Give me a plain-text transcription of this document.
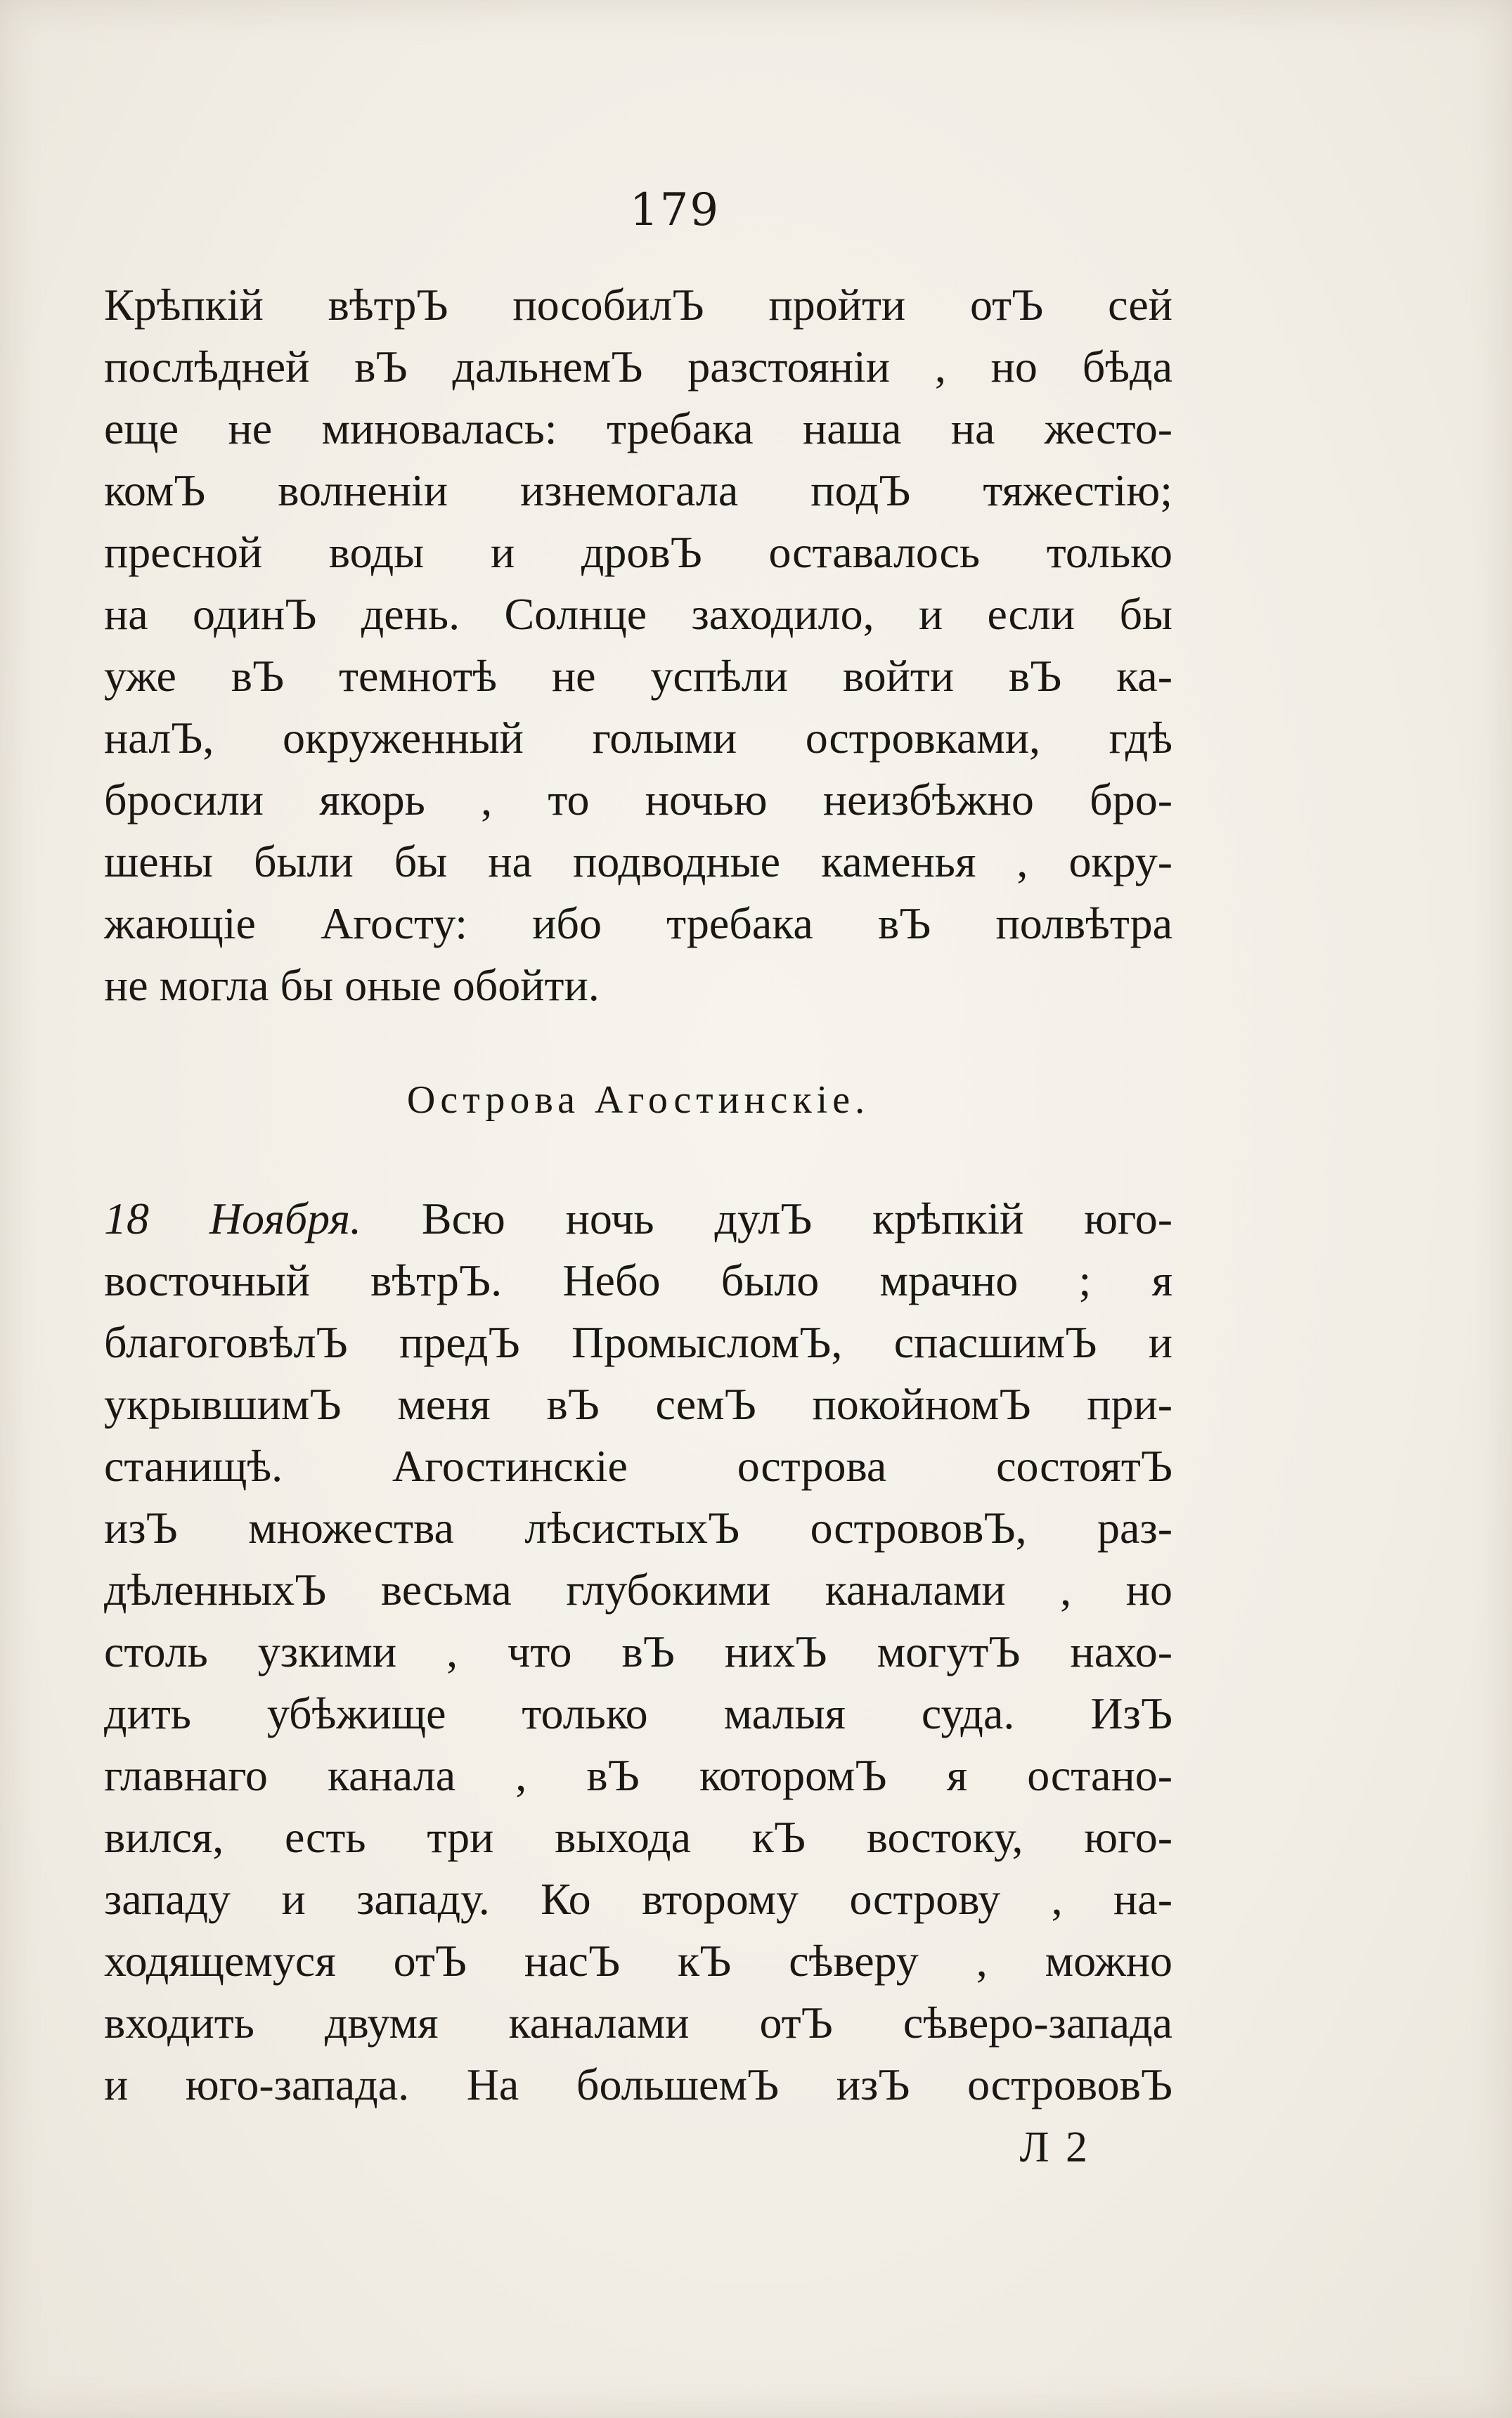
179
Крѣпкій вѣтрЪ пособилЪ пройти отЪ сей
послѣдней вЪ дальнемЪ разстояніи , но бѣда
еще не миновалась: требака наша на жесто-
комЪ волненіи изнемогала подЪ тяжестію;
пресной воды и дровЪ оставалось только
на одинЪ день. Солнце заходило, и если бы
уже вЪ темнотѣ не успѣли войти вЪ ка-
налЪ, окруженный голыми островками, гдѣ
бросили якорь , то ночью неизбѣжно бро-
шены были бы на подводные каменья , окру-
жающіе Агосту: ибо требака вЪ полвѣтра
не могла бы оные обойти.
Острова Агостинскіе.
18 Ноября. Всю ночь дулЪ крѣпкій юго-
восточный вѣтрЪ. Небо было мрачно ; я
благоговѣлЪ предЪ ПромысломЪ, спасшимЪ и
укрывшимЪ меня вЪ семЪ покойномЪ при-
станищѣ. Агостинскіе острова состоятЪ
изЪ множества лѣсистыхЪ острововЪ, раз-
дѣленныхЪ весьма глубокими каналами , но
столь узкими , что вЪ нихЪ могутЪ нахо-
дить убѣжище только малыя суда. ИзЪ
главнаго канала , вЪ которомЪ я остано-
вился, есть три выхода кЪ востоку, юго-
западу и западу. Ко второму острову , на-
ходящемуся отЪ насЪ кЪ сѣверу , можно
входить двумя каналами отЪ сѣверо-запада
и юго-запада. На большемЪ изЪ острововЪ
Л 2
